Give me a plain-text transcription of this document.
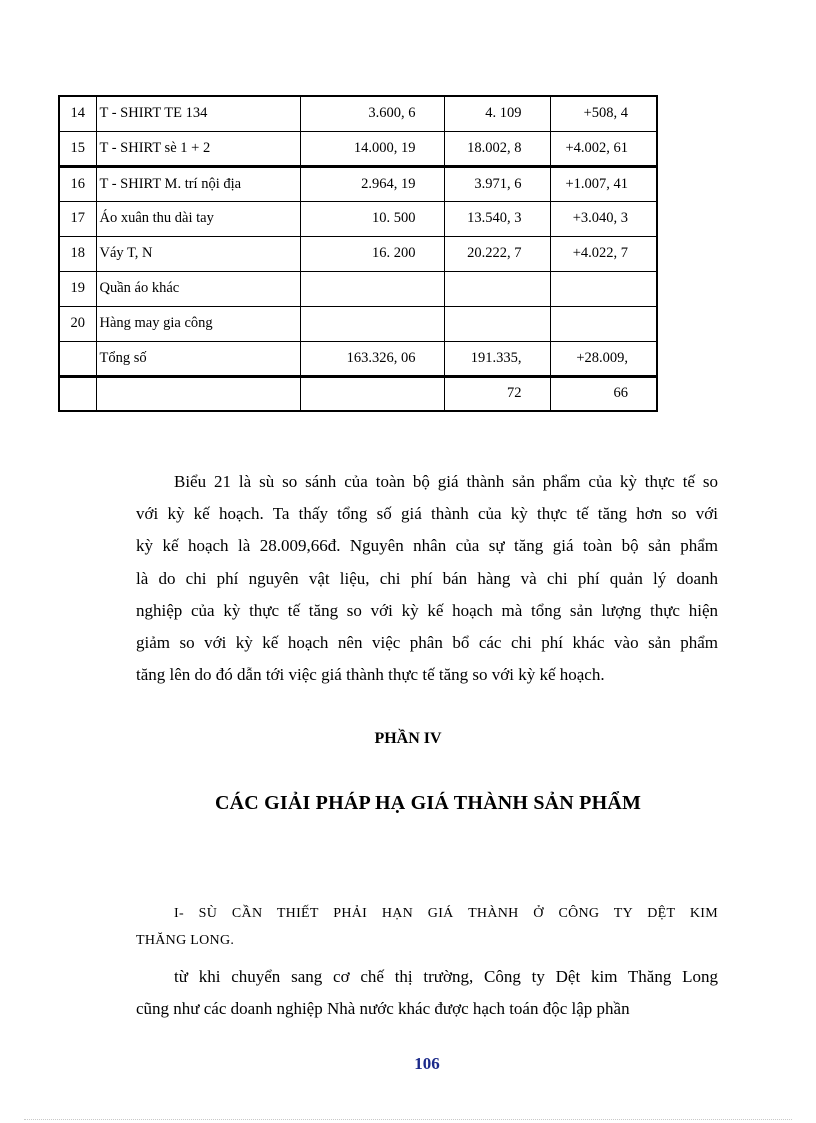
14	T - SHIRT TE 134	3.600, 6	4. 109	+508, 4
15	T - SHIRT sè 1 + 2	14.000, 19	18.002, 8	+4.002, 61
16	T - SHIRT M. trí nội địa	2.964, 19	3.971, 6	+1.007, 41
17	Áo xuân thu dài tay	10. 500	13.540, 3	+3.040, 3
18	Váy T, N	16. 200	20.222, 7	+4.022, 7
19	Quần áo khác			
20	Hàng may gia công			
	Tổng số	163.326, 06	191.335,	+28.009,
			72	66
Biểu 21 là sù so sánh của toàn bộ giá thành sản phẩm của kỳ thực tế so
với kỳ kế hoạch. Ta thấy tổng số giá thành của kỳ thực tế tăng hơn so với
kỳ kế hoạch là 28.009,66đ. Nguyên nhân của sự tăng giá toàn bộ sản phẩm
là do chi phí nguyên vật liệu, chi phí bán hàng và chi phí quản lý doanh
nghiệp của kỳ thực tế tăng so với kỳ kế hoạch mà tổng sản lượng thực hiện
giảm so với kỳ kế hoạch nên việc phân bổ các chi phí khác vào sản phẩm
tăng lên do đó dẫn tới việc giá thành thực tế tăng so với kỳ kế hoạch.
PHẦN IV
CÁC GIẢI PHÁP HẠ GIÁ THÀNH SẢN PHẨM
I- SÙ CẦN THIẾT PHẢI HẠN GIÁ THÀNH Ở CÔNG TY DỆT KIM
THĂNG LONG.
từ khi chuyển sang cơ chế thị trường, Công ty Dệt kim Thăng Long
cũng như các doanh nghiệp Nhà nước khác được hạch toán độc lập phần
106
